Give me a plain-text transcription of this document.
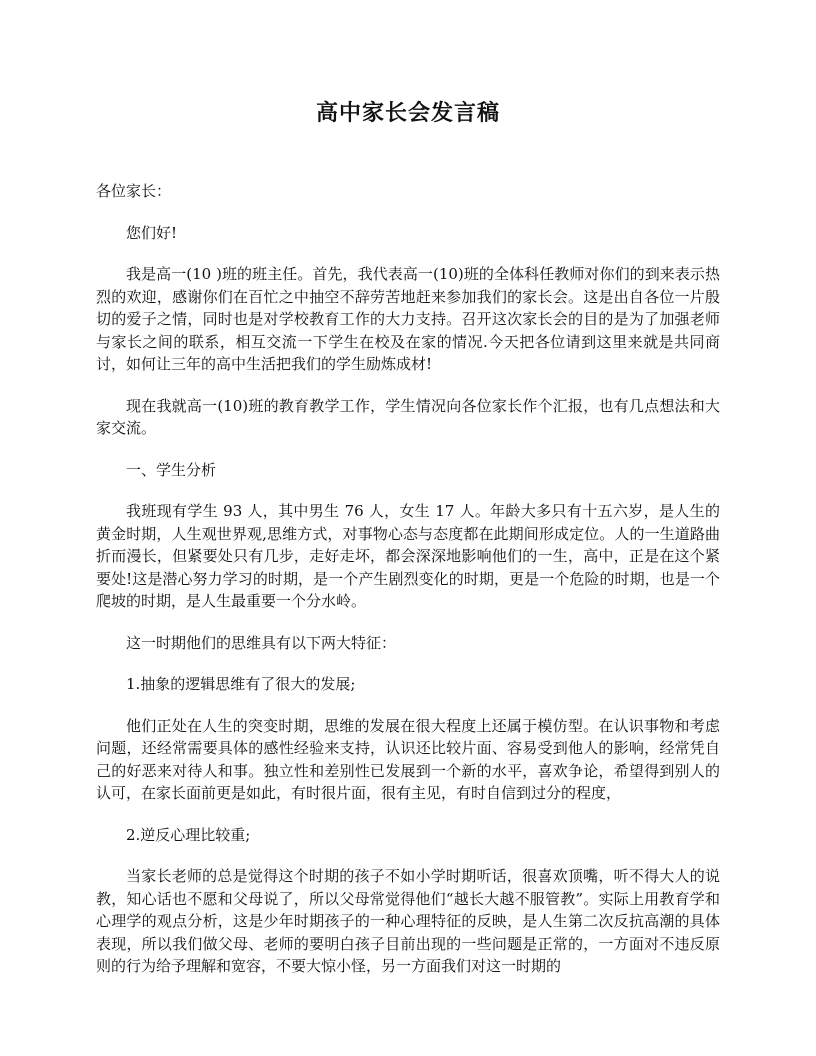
高中家长会发言稿

各位家长：

您们好!

我是高一(10 )班的班主任。首先，我代表高一(10)班的全体科任教师对你们的到来表示热烈的欢迎，感谢你们在百忙之中抽空不辞劳苦地赶来参加我们的家长会。这是出自各位一片殷切的爱子之情，同时也是对学校教育工作的大力支持。召开这次家长会的目的是为了加强老师与家长之间的联系，相互交流一下学生在校及在家的情况.今天把各位请到这里来就是共同商讨，如何让三年的高中生活把我们的学生励炼成材!

现在我就高一(10)班的教育教学工作，学生情况向各位家长作个汇报，也有几点想法和大家交流。

一、学生分析

我班现有学生 93 人，其中男生 76 人，女生 17 人。年龄大多只有十五六岁，是人生的黄金时期，人生观世界观,思维方式，对事物心态与态度都在此期间形成定位。人的一生道路曲折而漫长，但紧要处只有几步，走好走坏，都会深深地影响他们的一生，高中，正是在这个紧要处!这是潜心努力学习的时期，是一个产生剧烈变化的时期，更是一个危险的时期，也是一个爬坡的时期，是人生最重要一个分水岭。

这一时期他们的思维具有以下两大特征：

1.抽象的逻辑思维有了很大的发展;

他们正处在人生的突变时期，思维的发展在很大程度上还属于模仿型。在认识事物和考虑问题，还经常需要具体的感性经验来支持，认识还比较片面、容易受到他人的影响，经常凭自己的好恶来对待人和事。独立性和差别性已发展到一个新的水平，喜欢争论，希望得到别人的认可，在家长面前更是如此，有时很片面，很有主见，有时自信到过分的程度，

2.逆反心理比较重;

当家长老师的总是觉得这个时期的孩子不如小学时期听话，很喜欢顶嘴，听不得大人的说教，知心话也不愿和父母说了，所以父母常觉得他们“越长大越不服管教”。实际上用教育学和心理学的观点分析，这是少年时期孩子的一种心理特征的反映，是人生第二次反抗高潮的具体表现，所以我们做父母、老师的要明白孩子目前出现的一些问题是正常的，一方面对不违反原则的行为给予理解和宽容，不要大惊小怪，另一方面我们对这一时期的
